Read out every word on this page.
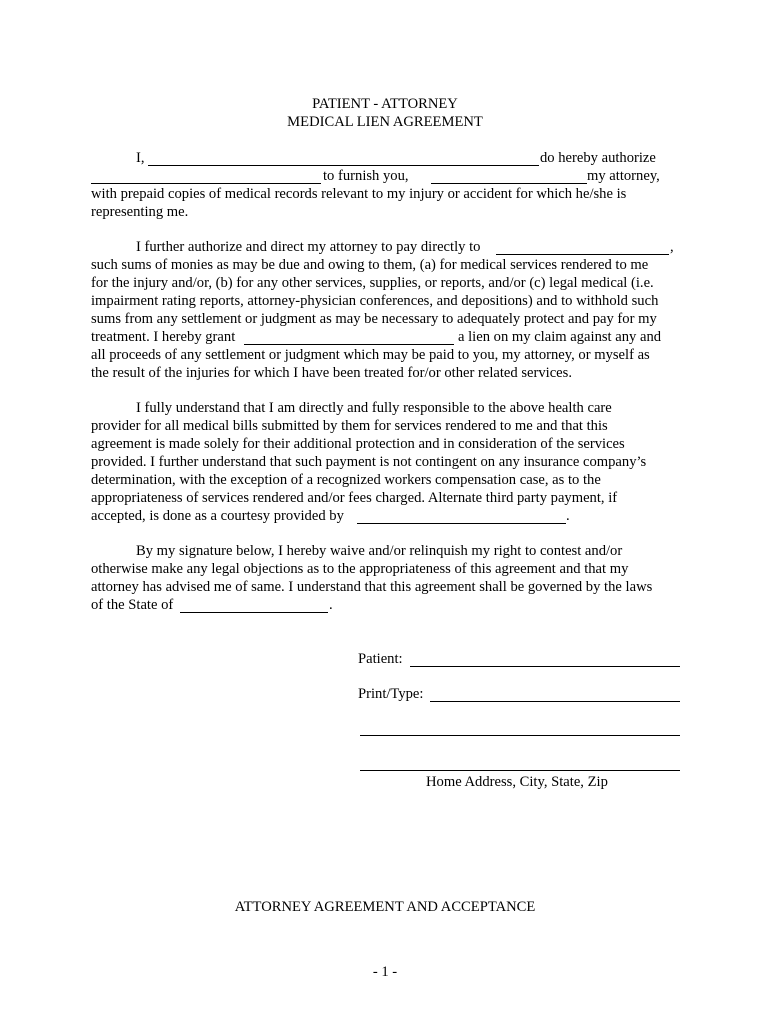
PATIENT - ATTORNEY
MEDICAL LIEN AGREEMENT
I,	do hereby authorize
to furnish you,	my attorney,
with prepaid copies of medical records relevant to my injury or accident for which he/she is
representing me.
I further authorize and direct my attorney to pay directly to	,
such sums of monies as may be due and owing to them, (a) for medical services rendered to me
for the injury and/or, (b) for any other services, supplies, or reports, and/or (c) legal medical (i.e.
impairment rating reports, attorney-physician conferences, and depositions) and to withhold such
sums from any settlement or judgment as may be necessary to adequately protect and pay for my
treatment. I hereby grant	a lien on my claim against any and
all proceeds of any settlement or judgment which may be paid to you, my attorney, or myself as
the result of the injuries for which I have been treated for/or other related services.
I fully understand that I am directly and fully responsible to the above health care
provider for all medical bills submitted by them for services rendered to me and that this
agreement is made solely for their additional protection and in consideration of the services
provided. I further understand that such payment is not contingent on any insurance company’s
determination, with the exception of a recognized workers compensation case, as to the
appropriateness of services rendered and/or fees charged. Alternate third party payment, if
accepted, is done as a courtesy provided by	.
By my signature below, I hereby waive and/or relinquish my right to contest and/or
otherwise make any legal objections as to the appropriateness of this agreement and that my
attorney has advised me of same. I understand that this agreement shall be governed by the laws
of the State of	.
Patient:
Print/Type:
Home Address, City, State, Zip
ATTORNEY AGREEMENT AND ACCEPTANCE
- 1 -
